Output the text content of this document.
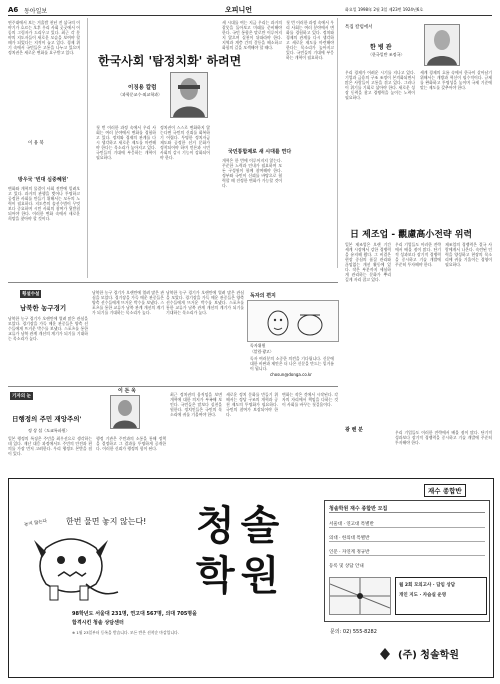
A6 동아일보	오피니언	화요일 1998年 2월 3일 제23번 1924년6호
연주대에서 보는 겨울밤 천년 전 삼국의 이야기가 흐르는 오후 우리 사회 곳곳에서 어둠의 그림자가 드리우고 있다. 최근 각 분야의 지도자들이 새로운 모습을 보여야 할 때가 되었다는 지적이 늘고 있다. 경제 위기 속에서 국민들은 고통을 나누고 있으며 정치권은 새로운 변화를 요구받고 있다.
이 용 북
방우국 '빈대 심중혜원'
변화와 개혁의 물결이 사회 전반에 밀려오고 있다. 과거의 관행을 벗어나 투명하고 공정한 사회를 만들기 위해서는 모두의 노력이 필요하다. 지도층의 솔선수범이 무엇보다 중요하며 시민 사회의 참여가 뒷받침되어야 한다. 이러한 변화 속에서 새로운 희망을 찾아야 할 것이다.
한국사회 '탐정치화' 하려면
이징용 칼럼
〈과학문교수·외교학과〉
첫 번 이러한 과정 속에서 우리 사회는 여러 분야에서 변화를 경험하고 있다. 정치와 경제의 관계를 다시 생각하고 새로운 제도를 마련해야 한다는 목소리가 높아지고 있다. 국민들의 기대에 부응하는 개혁이 필요하다.
정치권이 스스로 변화하지 않는다면 국민의 신뢰를 회복하기 어렵다. 투명한 정치자금 제도와 공정한 선거 문화가 정착되어야 하며 언론과 시민 사회의 감시 기능이 강화되어야 한다.
새 시대를 여는 지금 우리는 과거의 잘못을 돌아보고 미래를 준비해야 한다. 국민 통합은 말로만 이루어지지 않으며 실천이 뒤따라야 한다. 지역과 계층 간의 갈등을 해소하고 화합의 길을 모색해야 할 때다.
국민통합제로 새 시대를 연다
개혁은 한 번에 이루어지지 않는다. 꾸준한 노력과 인내가 필요하며 모든 구성원이 함께 참여해야 한다. 정부와 국민이 신뢰를 바탕으로 협력할 때 진정한 변화가 가능할 것이다.
첫 번 이러한 과정 속에서 우리 사회는 여러 분야에서 변화를 경험하고 있다. 정치와 경제의 관계를 다시 생각하고 새로운 제도를 마련해야 한다는 목소리가 높아지고 있다. 국민들의 기대에 부응하는 개혁이 필요하다.
특집 칼럼에서
한 병 관
〈한국일반 조정국〉
우리 경제가 어려운 시기를 지나고 있다. 기업과 금융의 구조 조정이 본격화되면서 많은 사람들이 고통을 겪고 있다. 그러나 이 위기를 기회로 삼아야 한다. 새로운 성장 동력을 찾고 경쟁력을 높이는 노력이 필요하다.
세계 경제의 흐름 속에서 한국이 살아남기 위해서는 개방과 혁신이 필수적이다. 규제를 완화하고 투명성을 높이며 국제 기준에 맞는 제도를 갖추어야 한다.
日 제조업 - 觀慮高小전략 위력
일본 제조업은 오랜 기간 세계 시장에서 강한 경쟁력을 유지해 왔다. 그 비결은 현장 중심의 품질 관리와 끊임없는 개선 활동에 있다. 작은 부분까지 세심하게 관리하는 문화가 뿌리 깊게 자리 잡고 있다.
우리 기업들도 이러한 전략에서 배울 점이 많다. 단기적 성과보다 장기적 경쟁력을 중시하고 기술 개발에 꾸준히 투자해야 한다.
제조업의 경쟁력은 결국 사람에게서 나온다. 숙련된 인력을 양성하고 현장의 목소리에 귀를 기울이는 경영이 필요하다.
광 벤 분	우리 기업들도 이러한 전략에서 배울 점이 많다. 단기적 성과보다 장기적 경쟁력을 중시하고 기술 개발에 꾸준히 투자해야 한다.
횡설수설
남북한 농구경기
남북한 농구 경기가 오랜만에 열려 많은 관심을 모았다. 경기장을 가득 메운 관중들은 양측 선수들에게 뜨거운 박수를 보냈다. 스포츠를 통한 교류가 남북 관계 개선의 계기가 되기를 기대하는 목소리가 높다.
남북한 농구 경기가 오랜만에 열려 많은 관심을 모았다. 경기장을 가득 메운 관중들은 양측 선수들에게 뜨거운 박수를 보냈다. 스포츠를 통한 교류가 남북 관계 개선의 계기가 되기를 기대하는 목소리가 높다.
남북한 농구 경기가 오랜만에 열려 많은 관심을 모았다. 경기장을 가득 메운 관중들은 양측 선수들에게 뜨거운 박수를 보냈다. 스포츠를 통한 교류가 남북 관계 개선의 계기가 되기를 기대하는 목소리가 높다.
독자의 편지
독자위원
〈알림·광고〉
독자 여러분의 소중한 의견을 기다립니다. 신문에 대한 비판과 제안은 더 나은 신문을 만드는 밑거름이 됩니다.
chosun@donga.co.kr
기자의 눈
이 돈 욱
日행정의 주민 재앙주의'
정 상 섭〈도쿄특파원〉
일본 행정의 특징은 주민을 최우선으로 생각하는 데 있다. 재난 대응 과정에서도 주민의 안전과 편의를 가장 먼저 고려한다. 우리 행정도 본받을 점이 있다.
행정 기관은 주민과의 소통을 통해 정책을 결정하고 그 결과를 투명하게 공개한다. 이러한 신뢰가 행정의 힘이 된다.
최근 정치권의 움직임을 보면 개혁에 대한 의지가 부족해 보인다. 국민들은 말보다 실천을 원한다. 정치인들은 국민의 목소리에 귀를 기울여야 한다.
새로운 정치 문화를 만들기 위해서는 정당 구조의 개혁과 공천 제도의 투명화가 필요하다. 국민의 참여가 보장되어야 한다.
변화는 작은 것에서 시작된다. 각자의 자리에서 책임을 다하는 것이 사회를 바꾸는 첫걸음이다.
재수 종합반
한번 물면 놓지 않는다! 청솔
학원
놓지 않는다
98학년도 서울대 231명, 연고대 567명, 의대 705명을
합격시킨 청솔 상담센터
※ 1월 23일부터 등록을 받습니다. 모든 반은 선착순 마감입니다.
청솔학원 재수 종합반 모집
서울대 · 연고대 특별반
의대 · 한의대 특별반
인문 · 자연계 정규반
등록 및 상담 안내
월 2회 모의고사 · 담임 상담
개인 지도 · 자습실 운영
문의: 02) 555-8282
(주) 청솔학원
